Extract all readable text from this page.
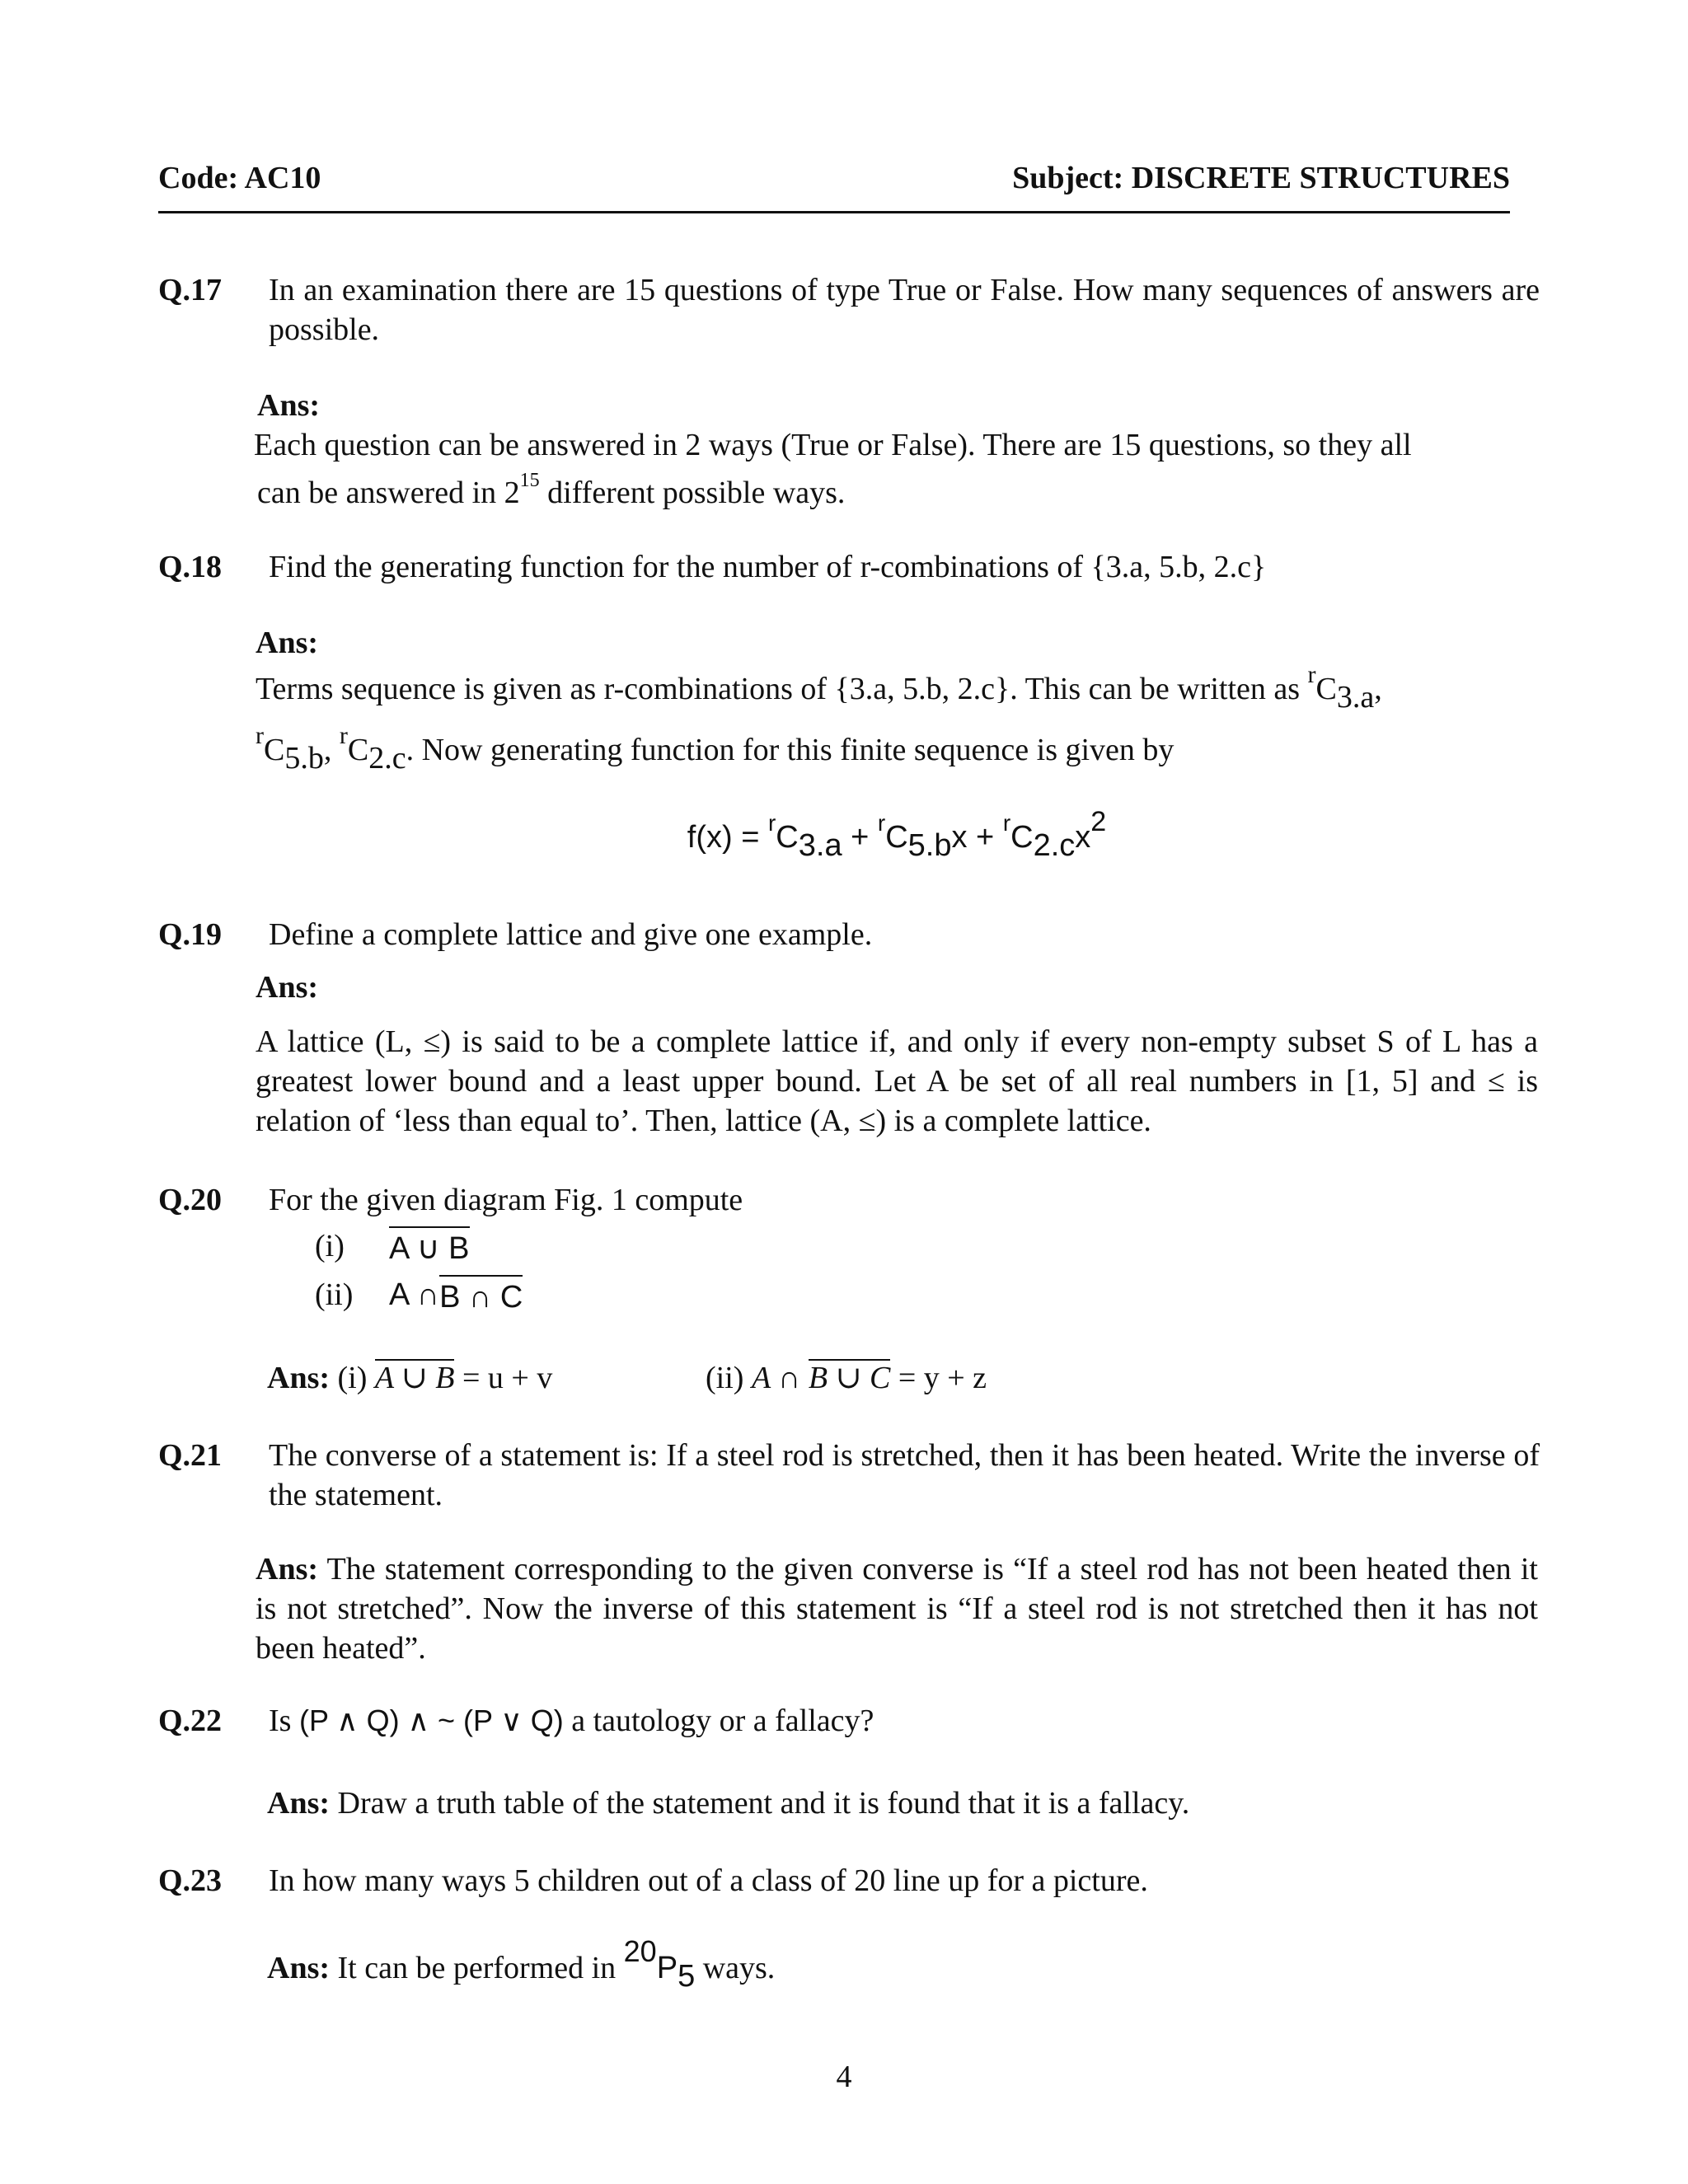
Code: AC10	Subject: DISCRETE STRUCTURES
Q.17 In an examination there are 15 questions of type True or False. How many sequences of answers are possible.
Ans:
Each question can be answered in 2 ways (True or False). There are 15 questions, so they all
can be answered in $2^{15}$ different possible ways.
Q.18 Find the generating function for the number of r-combinations of {3.a, 5.b, 2.c}
Ans:
Terms sequence is given as r-combinations of {3.a, 5.b, 2.c}. This can be written as $^rC_{3.a}$,
$^rC_{5.b}$, $^rC_{2.c}$. Now generating function for this finite sequence is given by
$f(x) = ^rC_{3.a} + ^rC_{5.b}x + ^rC_{2.c}x^2$
Q.19 Define a complete lattice and give one example.
Ans:
A lattice (L, ≤) is said to be a complete lattice if, and only if every non-empty subset S of L has a greatest lower bound and a least upper bound. Let A be set of all real numbers in [1, 5] and ≤ is relation of ‘less than equal to’. Then, lattice (A, ≤) is a complete lattice.
Q.20 For the given diagram Fig. 1 compute
(i)	A ∪ B
(ii)	A ∩ B ∩ C
Ans: (i) A ∪ B = u + v	(ii) A ∩ B ∪ C = y + z
Q.21 The converse of a statement is: If a steel rod is stretched, then it has been heated. Write the inverse of the statement.
Ans: The statement corresponding to the given converse is “If a steel rod has not been heated then it is not stretched”. Now the inverse of this statement is “If a steel rod is not stretched then it has not been heated”.
Q.22 Is (P ∧ Q) ∧ ~ (P ∨ Q) a tautology or a fallacy?
Ans: Draw a truth table of the statement and it is found that it is a fallacy.
Q.23 In how many ways 5 children out of a class of 20 line up for a picture.
Ans: It can be performed in $^{20}P_5$ ways.
4
